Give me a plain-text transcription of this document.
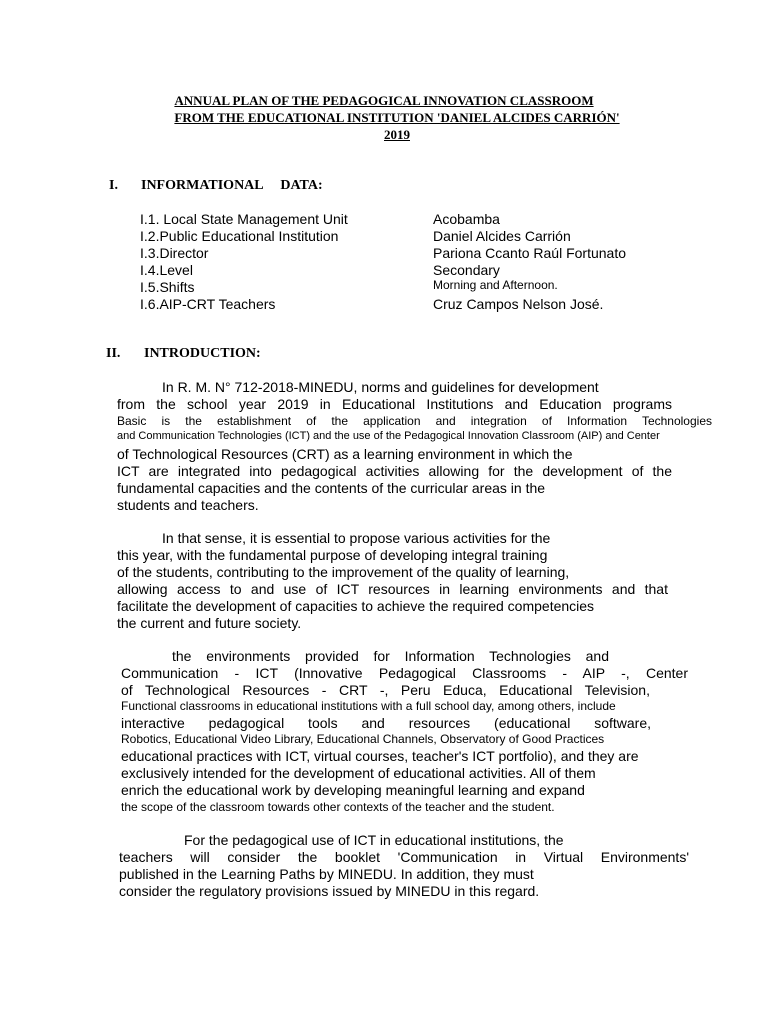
ANNUAL PLAN OF THE PEDAGOGICAL INNOVATION CLASSROOM
FROM THE EDUCATIONAL INSTITUTION 'DANIEL ALCIDES CARRIÓN'
2019
I. INFORMATIONAL     DATA:
I.1. Local State Management Unit	Acobamba
I.2.Public Educational Institution	Daniel Alcides Carrión
I.3.Director	Pariona Ccanto Raúl Fortunato
I.4.Level	Secondary
I.5.Shifts	Morning and Afternoon.
I.6.AIP-CRT Teachers	Cruz Campos Nelson José.
II. INTRODUCTION:
In R. M. N° 712-2018-MINEDU, norms and guidelines for development
from the school year 2019 in Educational Institutions and Education programs
Basic is the establishment of the application and integration of Information Technologies
and Communication Technologies (ICT) and the use of the Pedagogical Innovation Classroom (AIP) and Center
of Technological Resources (CRT) as a learning environment in which the
ICT are integrated into pedagogical activities allowing for the development of the
fundamental capacities and the contents of the curricular areas in the
students and teachers.
In that sense, it is essential to propose various activities for the
this year, with the fundamental purpose of developing integral training
of the students, contributing to the improvement of the quality of learning,
allowing access to and use of ICT resources in learning environments and that
facilitate the development of capacities to achieve the required competencies
the current and future society.
the environments provided for Information Technologies and
Communication - ICT (Innovative Pedagogical Classrooms - AIP -, Center
of Technological Resources - CRT -, Peru Educa, Educational Television,
Functional classrooms in educational institutions with a full school day, among others, include
interactive pedagogical tools and resources (educational software,
Robotics, Educational Video Library, Educational Channels, Observatory of Good Practices
educational practices with ICT, virtual courses, teacher's ICT portfolio), and they are
exclusively intended for the development of educational activities. All of them
enrich the educational work by developing meaningful learning and expand
the scope of the classroom towards other contexts of the teacher and the student.
For the pedagogical use of ICT in educational institutions, the
teachers will consider the booklet 'Communication in Virtual Environments'
published in the Learning Paths by MINEDU. In addition, they must
consider the regulatory provisions issued by MINEDU in this regard.
